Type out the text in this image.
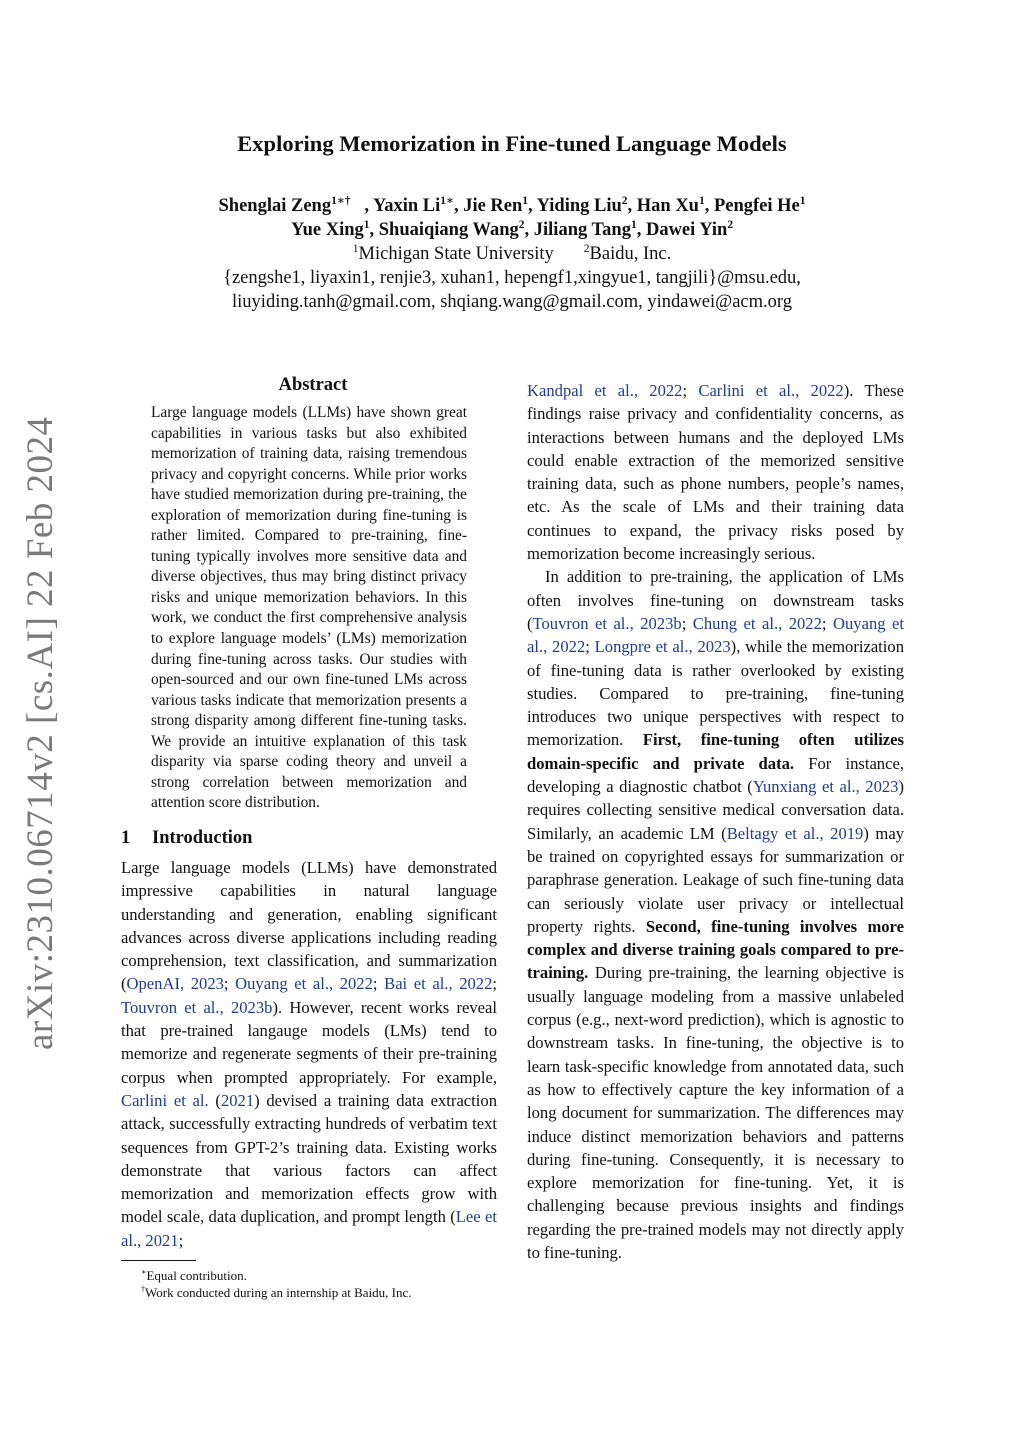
arXiv:2310.06714v2 [cs.AI] 22 Feb 2024
Exploring Memorization in Fine-tuned Language Models
Shenglai Zeng$^{1∗\dagger}$ , Yaxin $Li^{1∗}$, Jie Ren$^1$, Yiding Liu$^2$, Han Xu$^1$, Pengfei He$^1$
Yue Xing$^1$, Shuaiqiang Wang$^2$, Jiliang Tang$^1$, Dawei Yin$^2$
$^1$Michigan State University	$^2$Baidu, Inc.
{zengshe1, liyaxin1, renjie3, xuhan1, hepengf1,xingyue1, tangjili}@msu.edu,
liuyiding.tanh@gmail.com, shqiang.wang@gmail.com, yindawei@acm.org
Abstract
Large language models (LLMs) have shown great capabilities in various tasks but also exhibited memorization of training data, raising tremendous privacy and copyright concerns. While prior works have studied memorization during pre-training, the exploration of memorization during fine-tuning is rather limited. Compared to pre-training, fine-tuning typically involves more sensitive data and diverse objectives, thus may bring distinct privacy risks and unique memorization behaviors. In this work, we conduct the first comprehensive analysis to explore language models’ (LMs) memorization during fine-tuning across tasks. Our studies with open-sourced and our own fine-tuned LMs across various tasks indicate that memorization presents a strong disparity among different fine-tuning tasks. We provide an intuitive explanation of this task disparity via sparse coding theory and unveil a strong correlation between memorization and attention score distribution.
1 Introduction

Large language models (LLMs) have demonstrated impressive capabilities in natural language understanding and generation, enabling significant advances across diverse applications including reading comprehension, text classification, and summarization (OpenAI, 2023; Ouyang et al., 2022; Bai et al., 2022; Touvron et al., 2023b). However, recent works reveal that pre-trained langauge models (LMs) tend to memorize and regenerate segments of their pre-training corpus when prompted appropriately. For example, Carlini et al. (2021) devised a training data extraction attack, successfully extracting hundreds of verbatim text sequences from GPT-2’s training data. Existing works demonstrate that various factors can affect memorization and memorization effects grow with model scale, data duplication, and prompt length (Lee et al., 2021;

∗Equal contribution.
†Work conducted during an internship at Baidu, Inc.

Kandpal et al., 2022; Carlini et al., 2022). These findings raise privacy and confidentiality concerns, as interactions between humans and the deployed LMs could enable extraction of the memorized sensitive training data, such as phone numbers, people’s names, etc. As the scale of LMs and their training data continues to expand, the privacy risks posed by memorization become increasingly serious.

In addition to pre-training, the application of LMs often involves fine-tuning on downstream tasks (Touvron et al., 2023b; Chung et al., 2022; Ouyang et al., 2022; Longpre et al., 2023), while the memorization of fine-tuning data is rather overlooked by existing studies. Compared to pre-training, fine-tuning introduces two unique perspectives with respect to memorization. First, fine-tuning often utilizes domain-specific and private data. For instance, developing a diagnostic chatbot (Yunxiang et al., 2023) requires collecting sensitive medical conversation data. Similarly, an academic LM (Beltagy et al., 2019) may be trained on copyrighted essays for summarization or paraphrase generation. Leakage of such fine-tuning data can seriously violate user privacy or intellectual property rights. Second, fine-tuning involves more complex and diverse training goals compared to pre-training. During pre-training, the learning objective is usually language modeling from a massive unlabeled corpus (e.g., next-word prediction), which is agnostic to downstream tasks. In fine-tuning, the objective is to learn task-specific knowledge from annotated data, such as how to effectively capture the key information of a long document for summarization. The differences may induce distinct memorization behaviors and patterns during fine-tuning. Consequently, it is necessary to explore memorization for fine-tuning. Yet, it is challenging because previous insights and findings regarding the pre-trained models may not directly apply to fine-tuning.
